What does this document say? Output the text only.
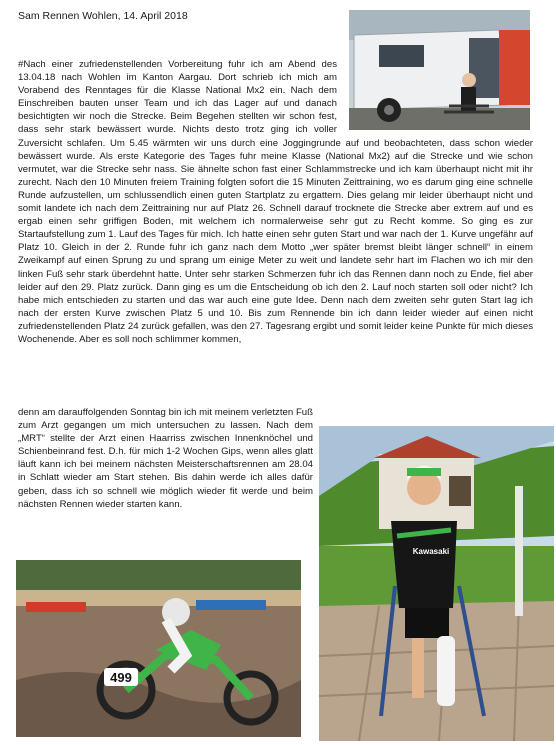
Sam Rennen Wohlen, 14. April 2018
499
Kawasaki

#Nach einer zufriedenstellenden Vorbereitung fuhr ich am Abend des 13.04.18 nach Wohlen im Kanton Aargau. Dort schrieb ich mich am Vorabend des Renntages für die Klasse National Mx2 ein. Nach dem Einschreiben bauten unser Team und ich das Lager auf und danach besichtigten wir noch die Strecke. Beim Begehen stellten wir schon fest, dass sehr stark bewässert wurde. Nichts desto trotz ging ich voller Zuversicht schlafen. Um 5.45 wärmten wir uns durch eine Joggingrunde auf und beobachteten, dass schon wieder bewässert wurde. Als erste Kategorie des Tages fuhr meine Klasse (National Mx2) auf die Strecke und wie schon vermutet, war die Strecke sehr nass. Sie ähnelte schon fast einer Schlammstrecke und ich kam überhaupt nicht mit ihr zurecht. Nach den 10 Minuten freiem Training folgten sofort die 15 Minuten Zeittraining, wo es darum ging eine schnelle Runde aufzustellen, um schlussendlich einen guten Startplatz zu ergattern. Dies gelang mir leider überhaupt nicht und somit landete ich nach dem Zeittraining nur auf Platz 26. Schnell darauf trocknete die Strecke aber extrem auf und es ergab einen sehr griffigen Boden, mit welchem ich normalerweise sehr gut zu Recht komme. So ging es zur Startaufstellung zum 1. Lauf des Tages für mich. Ich hatte einen sehr guten Start und war nach der 1. Kurve ungefähr auf Platz 10. Gleich in der 2. Runde fuhr ich ganz nach dem Motto „wer später bremst bleibt länger schnell“ in einem Zweikampf auf einen Sprung zu und sprang um einige Meter zu weit und landete sehr hart im Flachen wo ich mir den linken Fuß sehr stark überdehnt hatte. Unter sehr starken Schmerzen fuhr ich das Rennen dann noch zu Ende, fiel aber leider auf den 29. Platz zurück. Dann ging es um die Entscheidung ob ich den 2. Lauf noch starten soll oder nicht? Ich habe mich entschieden zu starten und das war auch eine gute Idee. Denn nach dem zweiten sehr guten Start lag ich nach der ersten Kurve zwischen Platz 5 und 10. Bis zum Rennende bin ich dann leider wieder auf einen nicht zufriedenstellenden Platz 24 zurück gefallen, was den 27. Tagesrang ergibt und somit leider keine Punkte für mich dieses Wochenende. Aber es soll noch schlimmer kommen,

denn am darauffolgenden Sonntag bin ich mit meinem verletzten Fuß zum Arzt gegangen um mich untersuchen zu lassen. Nach dem „MRT“ stellte der Arzt einen Haarriss zwischen Innenknöchel und Schienbeinrand fest. D.h. für mich 1-2 Wochen Gips, wenn alles glatt läuft kann ich bei meinem nächsten Meisterschaftsrennen am 28.04 in Schlatt wieder am Start stehen. Bis dahin werde ich alles dafür geben, dass ich so schnell wie möglich wieder fit werde und beim nächsten Rennen wieder starten kann.
